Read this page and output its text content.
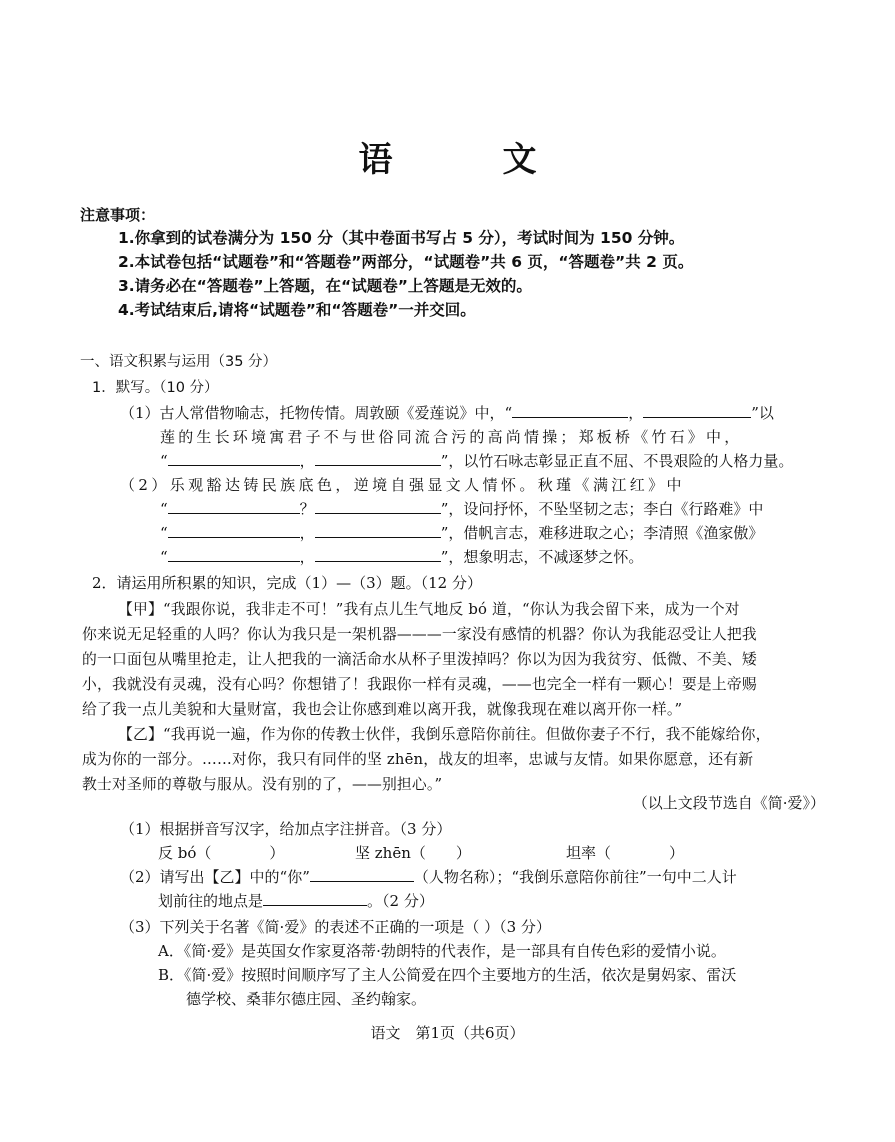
语　文
注意事项：
1.你拿到的试卷满分为 150 分（其中卷面书写占 5 分），考试时间为 150 分钟。
2.本试卷包括“试题卷”和“答题卷”两部分，“试题卷”共 6 页，“答题卷”共 2 页。
3.请务必在“答题卷”上答题，在“试题卷”上答题是无效的。
4.考试结束后,请将“试题卷”和“答题卷”一并交回。
一、语文积累与运用（35 分）
1．默写。（10 分）
（1）古人常借物喻志，托物传情。周敦颐《爱莲说》中，“	，	”以
莲的生长环境寓君子不与世俗同流合污的高尚情操；郑板桥《竹石》中，
“	，	”，以竹石咏志彰显正直不屈、不畏艰险的人格力量。
（2）乐观豁达铸民族底色，逆境自强显文人情怀。秋瑾《满江红》中
“	？	”，设问抒怀，不坠坚韧之志；李白《行路难》中
“	，	”，借帆言志，难移进取之心；李清照《渔家傲》
“	，	”，想象明志，不减逐梦之怀。
2．请运用所积累的知识，完成（1）—（3）题。（12 分）
【甲】“我跟你说，我非走不可！”我有点儿生气地反 bó 道，“你认为我会留下来，成为一个对
你来说无足轻重的人吗？你认为我只是一架机器———一家没有感情的机器？你认为我能忍受让人把我
的一口面包从嘴里抢走，让人把我的一滴活命水从杯子里泼掉吗？你以为因为我贫穷、低微、不美、矮
小，我就没有灵魂，没有心吗？你想错了！我跟你一样有灵魂，——也完全一样有一颗心！要是上帝赐
给了我一点儿美貌和大量财富，我也会让你感到难以离开我，就像我现在难以离开你一样。”
【乙】“我再说一遍，作为你的传教士伙伴，我倒乐意陪你前往。但做你妻子不行，我不能嫁给你，
成为你的一部分。……对你，我只有同伴的坚 zhēn，战友的坦率，忠诚与友情。如果你愿意，还有新
教士对圣师的尊敬与服从。没有别的了，——别担心。”
（以上文段节选自《简·爱》）
（1）根据拼音写汉字，给加点字注拼音。（3 分）
反 bó（	）	坚 zhēn（ ）	坦率（	）
（2）请写出【乙】中的“你”	（人物名称）；“我倒乐意陪你前往”一句中二人计
划前往的地点是	。（2 分）
（3）下列关于名著《简·爱》的表述不正确的一项是（ ）（3 分）
A．《简·爱》是英国女作家夏洛蒂·勃朗特的代表作，是一部具有自传色彩的爱情小说。
B．《简·爱》按照时间顺序写了主人公简爱在四个主要地方的生活，依次是舅妈家、雷沃
德学校、桑菲尔德庄园、圣约翰家。
语文　第1页（共6页）
